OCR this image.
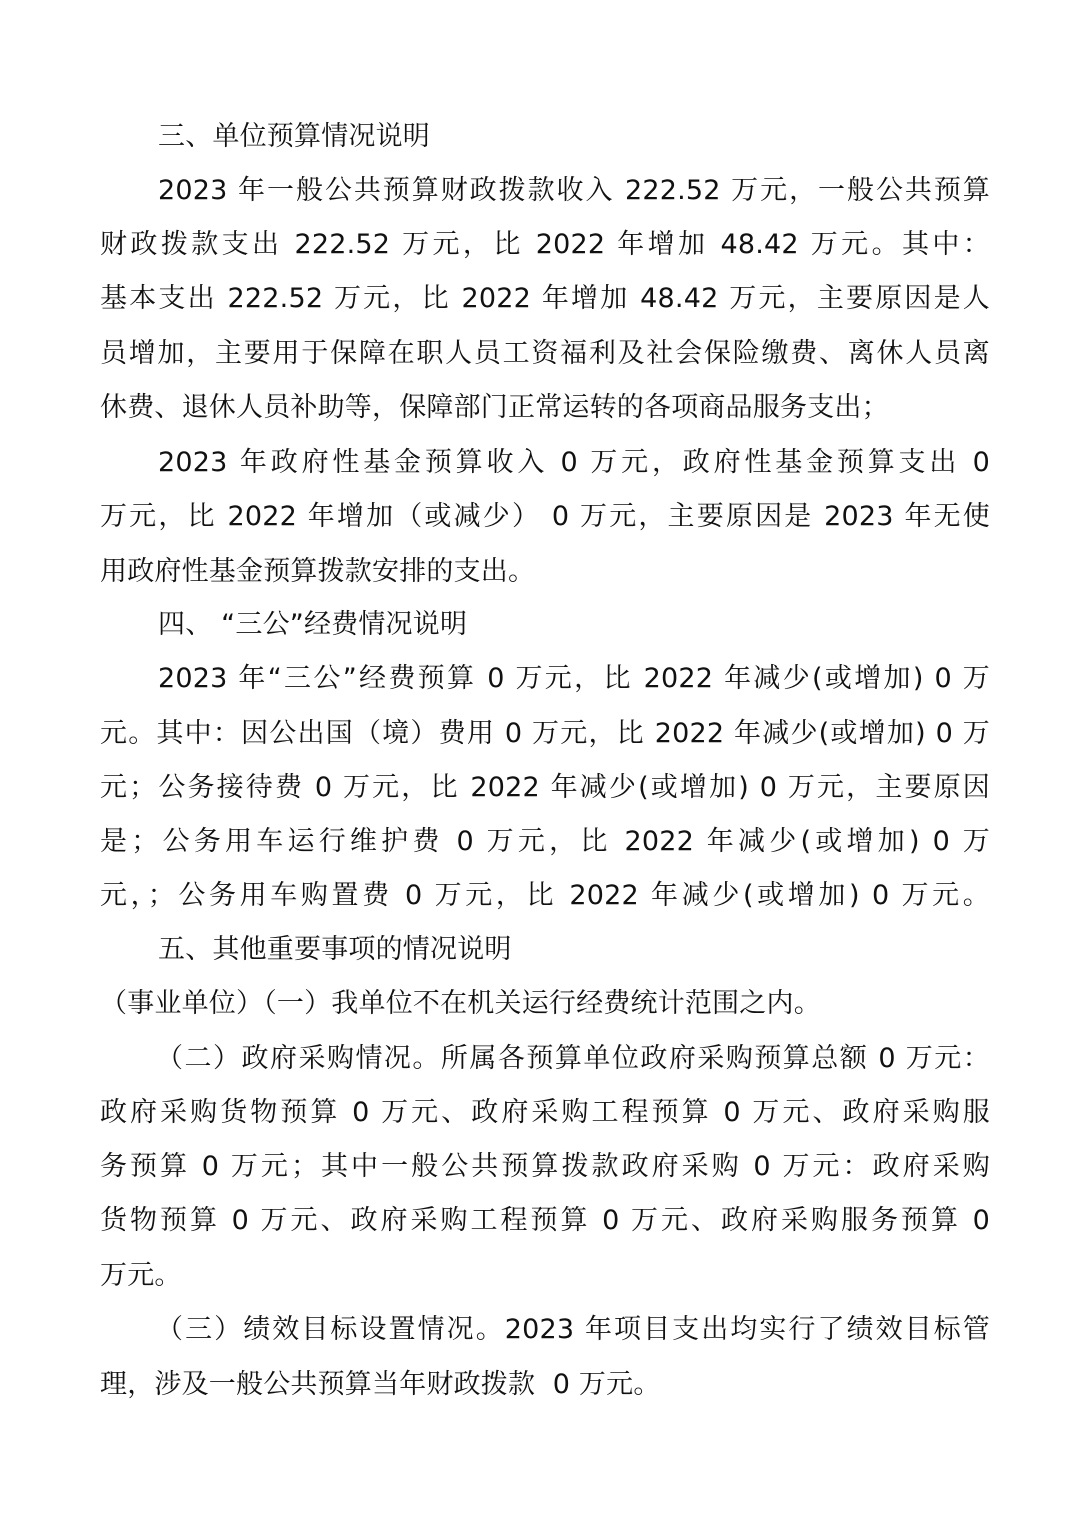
三、单位预算情况说明
2023 年一般公共预算财政拨款收入 222.52 万元，一般公共预算
财政拨款支出 222.52 万元，比 2022 年增加 48.42 万元。其中：
基本支出 222.52 万元，比 2022 年增加 48.42 万元，主要原因是人
员增加，主要用于保障在职人员工资福利及社会保险缴费、离休人员离
休费、退休人员补助等，保障部门正常运转的各项商品服务支出；
2023 年政府性基金预算收入 0 万元，政府性基金预算支出 0
万元，比 2022 年增加（或减少） 0 万元，主要原因是 2023 年无使
用政府性基金预算拨款安排的支出。
四、 “三公”经费情况说明
2023 年“三公”经费预算 0 万元，比 2022 年减少(或增加) 0 万
元。其中：因公出国（境）费用 0 万元，比 2022 年减少(或增加) 0 万
元；公务接待费 0 万元，比 2022 年减少(或增加) 0 万元，主要原因
是；公务用车运行维护费 0 万元，比 2022 年减少(或增加) 0 万
元，；公务用车购置费 0 万元，比 2022 年减少(或增加) 0 万元。
五、其他重要事项的情况说明
（事业单位）（一）我单位不在机关运行经费统计范围之内。
（二）政府采购情况。所属各预算单位政府采购预算总额 0 万元：
政府采购货物预算 0 万元、政府采购工程预算 0 万元、政府采购服
务预算 0 万元；其中一般公共预算拨款政府采购 0 万元：政府采购
货物预算 0 万元、政府采购工程预算 0 万元、政府采购服务预算 0
万元。
（三）绩效目标设置情况。2023 年项目支出均实行了绩效目标管
理，涉及一般公共预算当年财政拨款  0 万元。
